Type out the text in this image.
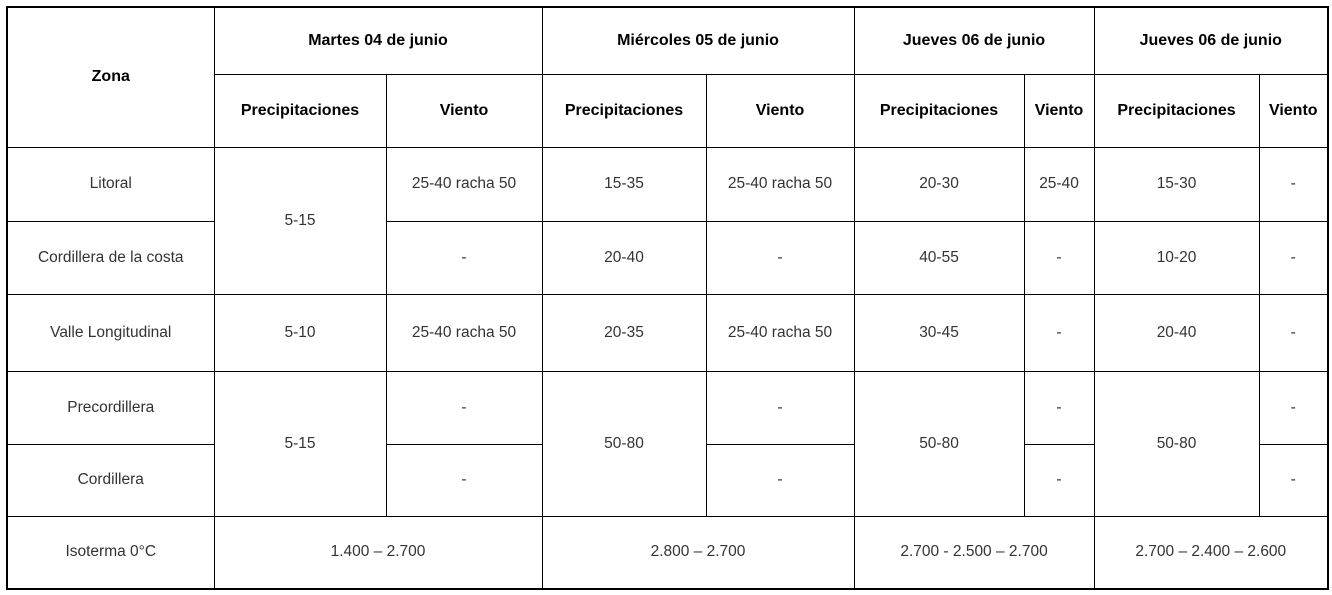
Zona	Martes 04 de junio		Miércoles 05 de junio		Jueves 06 de junio		Jueves 06 de junio	
	Precipitaciones	Viento	Precipitaciones	Viento	Precipitaciones	Viento	Precipitaciones	Viento
Litoral	5-15	25-40 racha 50	15-35	25-40 racha 50	20-30	25-40	15-30	-
Cordillera de la costa		-	20-40	-	40-55	-	10-20	-
Valle Longitudinal	5-10	25-40 racha 50	20-35	25-40 racha 50	30-45	-	20-40	-
Precordillera	5-15	-	50-80	-	50-80	-	50-80	-
Cordillera		-		-		-		-
Isoterma 0°C	1.400 – 2.700		2.800 – 2.700		2.700 - 2.500 – 2.700		2.700 – 2.400 – 2.600	
